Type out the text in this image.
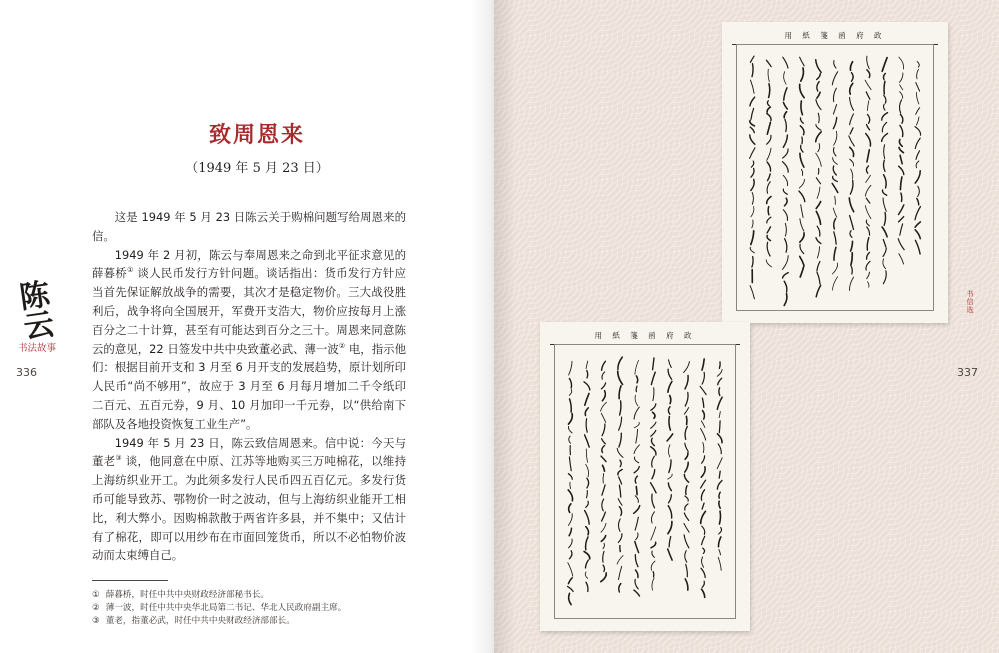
陈云
书法故事
336
致周恩来
（1949 年 5 月 23 日）

这是 1949 年 5 月 23 日陈云关于购棉问题写给周恩来的信。

1949 年 2 月初，陈云与奉周恩来之命到北平征求意见的薛暮桥① 谈人民币发行方针问题。谈话指出：货币发行方针应当首先保证解放战争的需要，其次才是稳定物价。三大战役胜利后，战争将向全国展开，军费开支浩大，物价应按每月上涨百分之二十计算，甚至有可能达到百分之三十。周恩来同意陈云的意见，22 日签发中共中央致董必武、薄一波② 电，指示他们：根据目前开支和 3 月至 6 月开支的发展趋势，原计划所印人民币“尚不够用”，故应于 3 月至 6 月每月增加二千令纸印二百元、五百元券，9 月、10 月加印一千元券，以“供给南下部队及各地投资恢复工业生产”。

1949 年 5 月 23 日，陈云致信周恩来。信中说：今天与董老③ 谈，他同意在中原、江苏等地购买三万吨棉花，以维持上海纺织业开工。为此须多发行人民币四五百亿元。多发行货币可能导致苏、鄂物价一时之波动，但与上海纺织业能开工相比，利大弊小。因购棉款散于两省许多县，并不集中；又估计有了棉花，即可以用纱布在市面回笼货币，所以不必怕物价波动而太束缚自己。

① 薛暮桥，时任中共中央财政经济部秘书长。
② 薄一波，时任中共中央华北局第二书记、华北人民政府副主席。
③ 董老，指董必武，时任中共中央财政经济部部长。
用 紙 箋 函 府 政
用 紙 箋 函 府 政
书信选
337
